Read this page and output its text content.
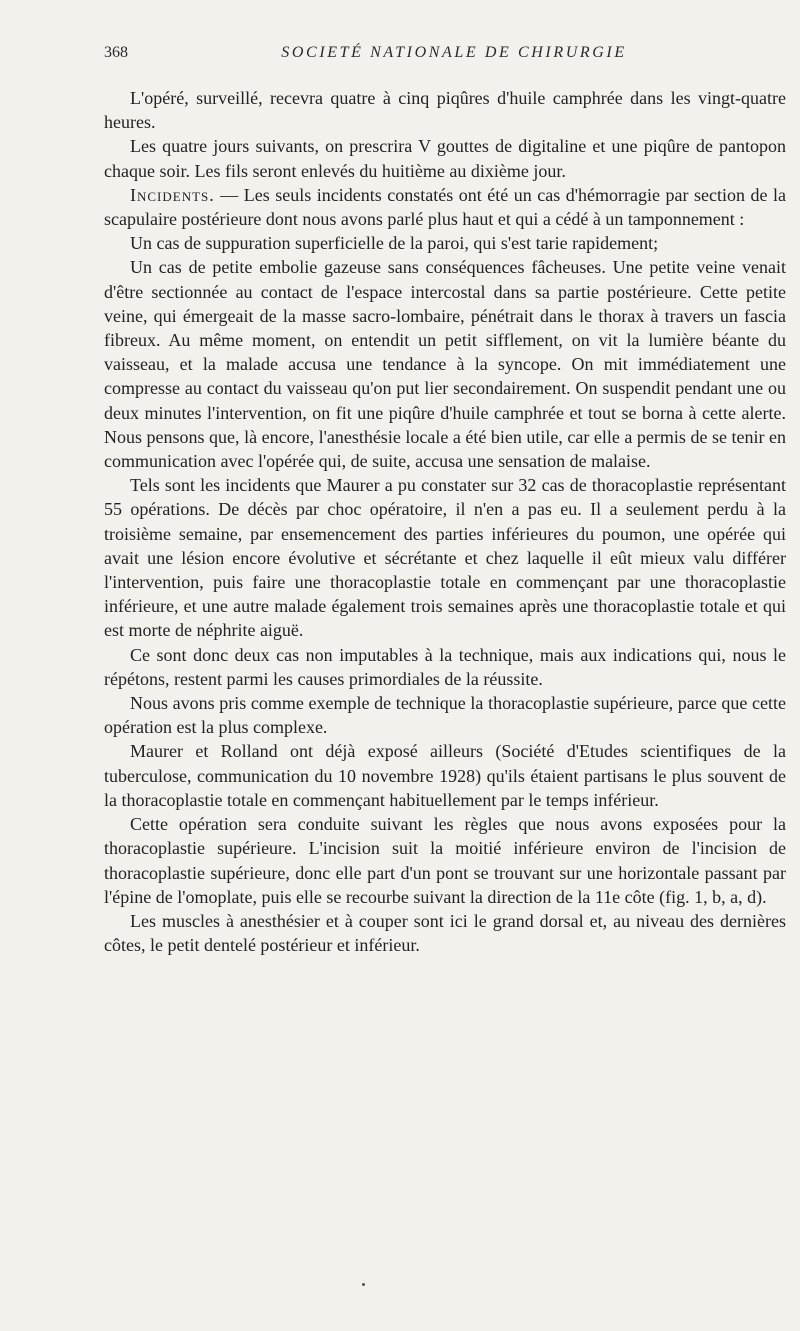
368	SOCIETÉ NATIONALE DE CHIRURGIE

L'opéré, surveillé, recevra quatre à cinq piqûres d'huile camphrée dans les vingt-quatre heures.

Les quatre jours suivants, on prescrira V gouttes de digitaline et une piqûre de pantopon chaque soir. Les fils seront enlevés du huitième au dixième jour.

Incidents. — Les seuls incidents constatés ont été un cas d'hémorragie par section de la scapulaire postérieure dont nous avons parlé plus haut et qui a cédé à un tamponnement :

Un cas de suppuration superficielle de la paroi, qui s'est tarie rapidement;

Un cas de petite embolie gazeuse sans conséquences fâcheuses. Une petite veine venait d'être sectionnée au contact de l'espace intercostal dans sa partie postérieure. Cette petite veine, qui émergeait de la masse sacro-lombaire, pénétrait dans le thorax à travers un fascia fibreux. Au même moment, on entendit un petit sifflement, on vit la lumière béante du vaisseau, et la malade accusa une tendance à la syncope. On mit immédiatement une compresse au contact du vaisseau qu'on put lier secondairement. On suspendit pendant une ou deux minutes l'intervention, on fit une piqûre d'huile camphrée et tout se borna à cette alerte. Nous pensons que, là encore, l'anesthésie locale a été bien utile, car elle a permis de se tenir en communication avec l'opérée qui, de suite, accusa une sensation de malaise.

Tels sont les incidents que Maurer a pu constater sur 32 cas de thoracoplastie représentant 55 opérations. De décès par choc opératoire, il n'en a pas eu. Il a seulement perdu à la troisième semaine, par ensemencement des parties inférieures du poumon, une opérée qui avait une lésion encore évolutive et sécrétante et chez laquelle il eût mieux valu différer l'intervention, puis faire une thoracoplastie totale en commençant par une thoracoplastie inférieure, et une autre malade également trois semaines après une thoracoplastie totale et qui est morte de néphrite aiguë.

Ce sont donc deux cas non imputables à la technique, mais aux indications qui, nous le répétons, restent parmi les causes primordiales de la réussite.

Nous avons pris comme exemple de technique la thoracoplastie supérieure, parce que cette opération est la plus complexe.

Maurer et Rolland ont déjà exposé ailleurs (Société d'Etudes scientifiques de la tuberculose, communication du 10 novembre 1928) qu'ils étaient partisans le plus souvent de la thoracoplastie totale en commençant habituellement par le temps inférieur.

Cette opération sera conduite suivant les règles que nous avons exposées pour la thoracoplastie supérieure. L'incision suit la moitié inférieure environ de l'incision de thoracoplastie supérieure, donc elle part d'un pont se trouvant sur une horizontale passant par l'épine de l'omoplate, puis elle se recourbe suivant la direction de la 11e côte (fig. 1, b, a, d).

Les muscles à anesthésier et à couper sont ici le grand dorsal et, au niveau des dernières côtes, le petit dentelé postérieur et inférieur.
